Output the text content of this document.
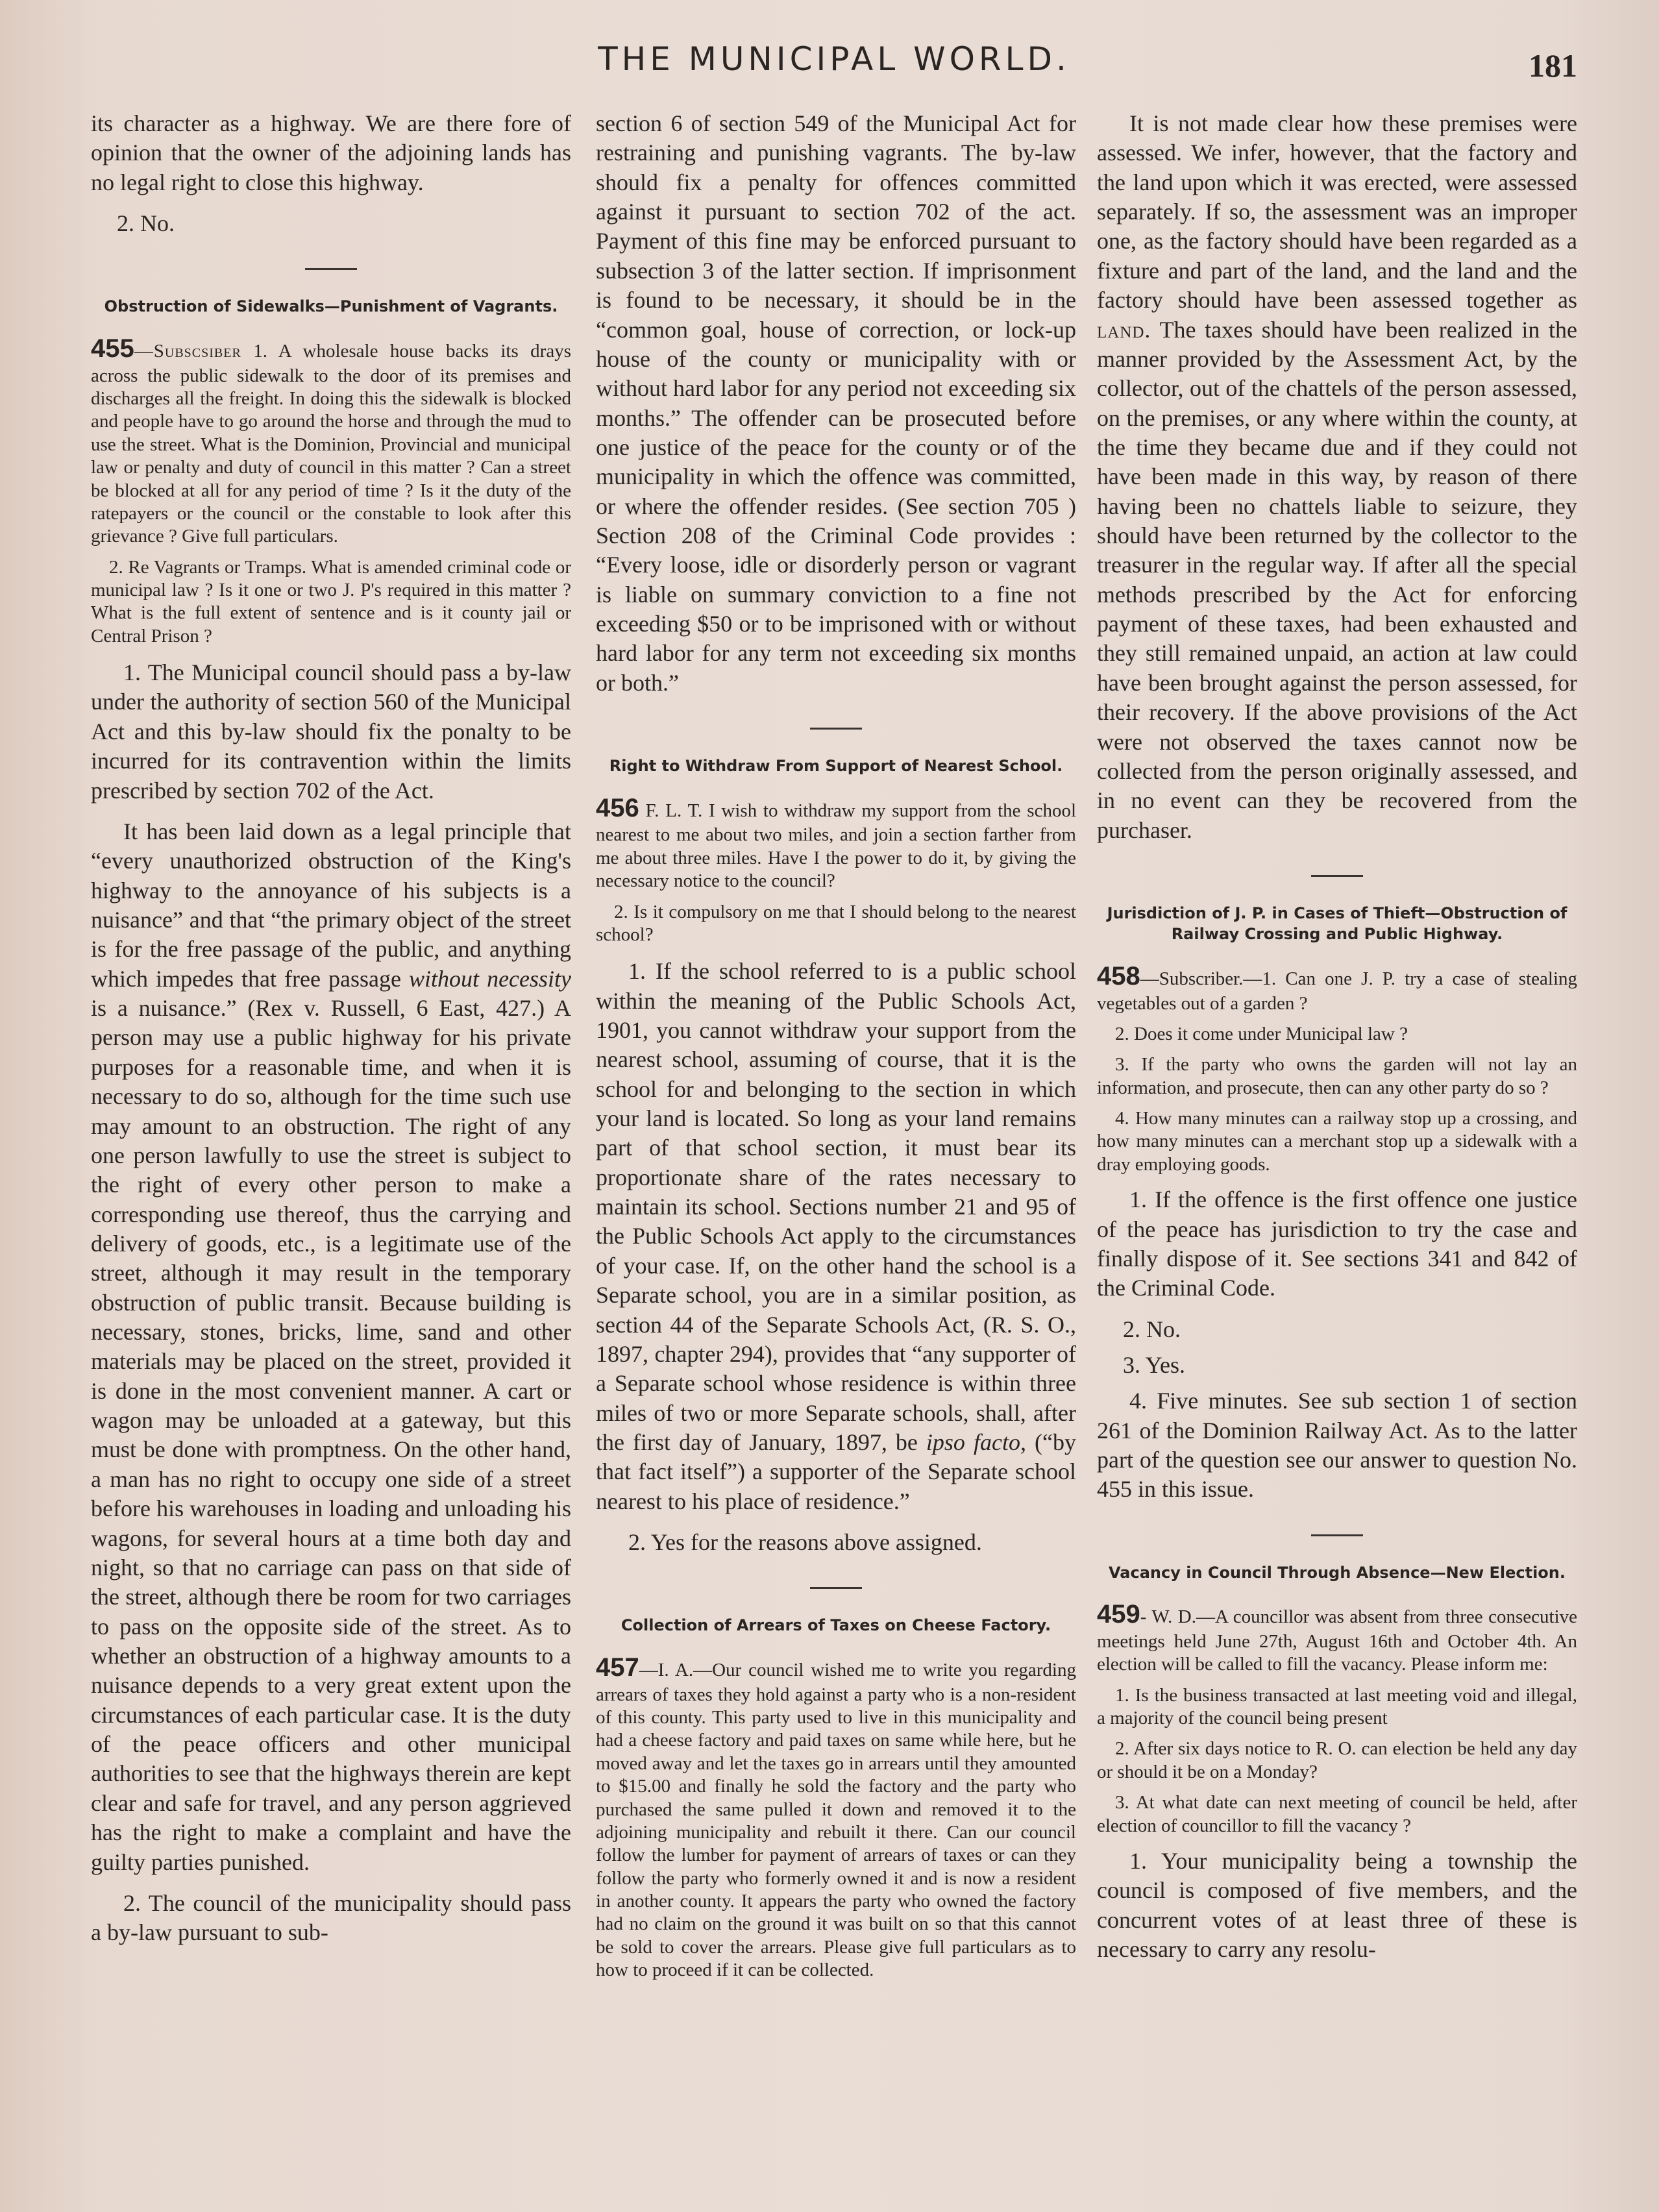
THE MUNICIPAL WORLD.	181

its character as a highway. We are there fore of opinion that the owner of the adjoining lands has no legal right to close this highway.

2. No.

Obstruction of Sidewalks—Punishment of Vagrants.

455—Subscsiber 1. A wholesale house backs its drays across the public sidewalk to the door of its premises and discharges all the freight. In doing this the sidewalk is blocked and people have to go around the horse and through the mud to use the street. What is the Dominion, Provincial and municipal law or penalty and duty of council in this matter ? Can a street be blocked at all for any period of time ? Is it the duty of the ratepayers or the council or the constable to look after this grievance ? Give full particulars.

2. Re Vagrants or Tramps. What is amended criminal code or municipal law ? Is it one or two J. P's required in this matter ? What is the full extent of sentence and is it county jail or Central Prison ?

1. The Municipal council should pass a by-law under the authority of section 560 of the Municipal Act and this by-law should fix the ponalty to be incurred for its contravention within the limits prescribed by section 702 of the Act.

It has been laid down as a legal principle that “every unauthorized obstruction of the King's highway to the annoyance of his subjects is a nuisance” and that “the primary object of the street is for the free passage of the public, and anything which impedes that free passage without necessity is a nuisance.” (Rex v. Russell, 6 East, 427.) A person may use a public highway for his private purposes for a reasonable time, and when it is necessary to do so, although for the time such use may amount to an obstruction. The right of any one person lawfully to use the street is subject to the right of every other person to make a corresponding use thereof, thus the carrying and delivery of goods, etc., is a legitimate use of the street, although it may result in the temporary obstruction of public transit. Because building is necessary, stones, bricks, lime, sand and other materials may be placed on the street, provided it is done in the most convenient manner. A cart or wagon may be unloaded at a gateway, but this must be done with promptness. On the other hand, a man has no right to occupy one side of a street before his warehouses in loading and unloading his wagons, for several hours at a time both day and night, so that no carriage can pass on that side of the street, although there be room for two carriages to pass on the opposite side of the street. As to whether an obstruction of a highway amounts to a nuisance depends to a very great extent upon the circumstances of each particular case. It is the duty of the peace officers and other municipal authorities to see that the highways therein are kept clear and safe for travel, and any person aggrieved has the right to make a complaint and have the guilty parties punished.

2. The council of the municipality should pass a by-law pursuant to sub-

section 6 of section 549 of the Municipal Act for restraining and punishing vagrants. The by-law should fix a penalty for offences committed against it pursuant to section 702 of the act. Payment of this fine may be enforced pursuant to subsection 3 of the latter section. If imprisonment is found to be necessary, it should be in the “common goal, house of correction, or lock-up house of the county or municipality with or without hard labor for any period not exceeding six months.” The offender can be prosecuted before one justice of the peace for the county or of the municipality in which the offence was committed, or where the offender resides. (See section 705 ) Section 208 of the Criminal Code provides : “Every loose, idle or disorderly person or vagrant is liable on summary conviction to a fine not exceeding $50 or to be imprisoned with or without hard labor for any term not exceeding six months or both.”

Right to Withdraw From Support of Nearest School.

456 F. L. T. I wish to withdraw my support from the school nearest to me about two miles, and join a section farther from me about three miles. Have I the power to do it, by giving the necessary notice to the council?

2. Is it compulsory on me that I should belong to the nearest school?

1. If the school referred to is a public school within the meaning of the Public Schools Act, 1901, you cannot withdraw your support from the nearest school, assuming of course, that it is the school for and belonging to the section in which your land is located. So long as your land remains part of that school section, it must bear its proportionate share of the rates necessary to maintain its school. Sections number 21 and 95 of the Public Schools Act apply to the circumstances of your case. If, on the other hand the school is a Separate school, you are in a similar position, as section 44 of the Separate Schools Act, (R. S. O., 1897, chapter 294), provides that “any supporter of a Separate school whose residence is within three miles of two or more Separate schools, shall, after the first day of January, 1897, be ipso facto, (“by that fact itself”) a supporter of the Separate school nearest to his place of residence.”

2. Yes for the reasons above assigned.

Collection of Arrears of Taxes on Cheese Factory.

457—I. A.—Our council wished me to write you regarding arrears of taxes they hold against a party who is a non-resident of this county. This party used to live in this municipality and had a cheese factory and paid taxes on same while here, but he moved away and let the taxes go in arrears until they amounted to $15.00 and finally he sold the factory and the party who purchased the same pulled it down and removed it to the adjoining municipality and rebuilt it there. Can our council follow the lumber for payment of arrears of taxes or can they follow the party who formerly owned it and is now a resident in another county. It appears the party who owned the factory had no claim on the ground it was built on so that this cannot be sold to cover the arrears. Please give full particulars as to how to proceed if it can be collected.

It is not made clear how these premises were assessed. We infer, however, that the factory and the land upon which it was erected, were assessed separately. If so, the assessment was an improper one, as the factory should have been regarded as a fixture and part of the land, and the land and the factory should have been assessed together as land. The taxes should have been realized in the manner provided by the Assessment Act, by the collector, out of the chattels of the person assessed, on the premises, or any where within the county, at the time they became due and if they could not have been made in this way, by reason of there having been no chattels liable to seizure, they should have been returned by the collector to the treasurer in the regular way. If after all the special methods prescribed by the Act for enforcing payment of these taxes, had been exhausted and they still remained unpaid, an action at law could have been brought against the person assessed, for their recovery. If the above provisions of the Act were not observed the taxes cannot now be collected from the person originally assessed, and in no event can they be recovered from the purchaser.

Jurisdiction of J. P. in Cases of Thieft—Obstruction of Railway Crossing and Public Highway.

458—Subscriber.—1. Can one J. P. try a case of stealing vegetables out of a garden ?

2. Does it come under Municipal law ?

3. If the party who owns the garden will not lay an information, and prosecute, then can any other party do so ?

4. How many minutes can a railway stop up a crossing, and how many minutes can a merchant stop up a sidewalk with a dray employing goods.

1. If the offence is the first offence one justice of the peace has jurisdiction to try the case and finally dispose of it. See sections 341 and 842 of the Criminal Code.

2. No.

3. Yes.

4. Five minutes. See sub section 1 of section 261 of the Dominion Railway Act. As to the latter part of the question see our answer to question No. 455 in this issue.

Vacancy in Council Through Absence—New Election.

459- W. D.—A councillor was absent from three consecutive meetings held June 27th, August 16th and October 4th. An election will be called to fill the vacancy. Please inform me:

1. Is the business transacted at last meeting void and illegal, a majority of the council being present

2. After six days notice to R. O. can election be held any day or should it be on a Monday?

3. At what date can next meeting of council be held, after election of councillor to fill the vacancy ?

1. Your municipality being a township the council is composed of five members, and the concurrent votes of at least three of these is necessary to carry any resolu-
